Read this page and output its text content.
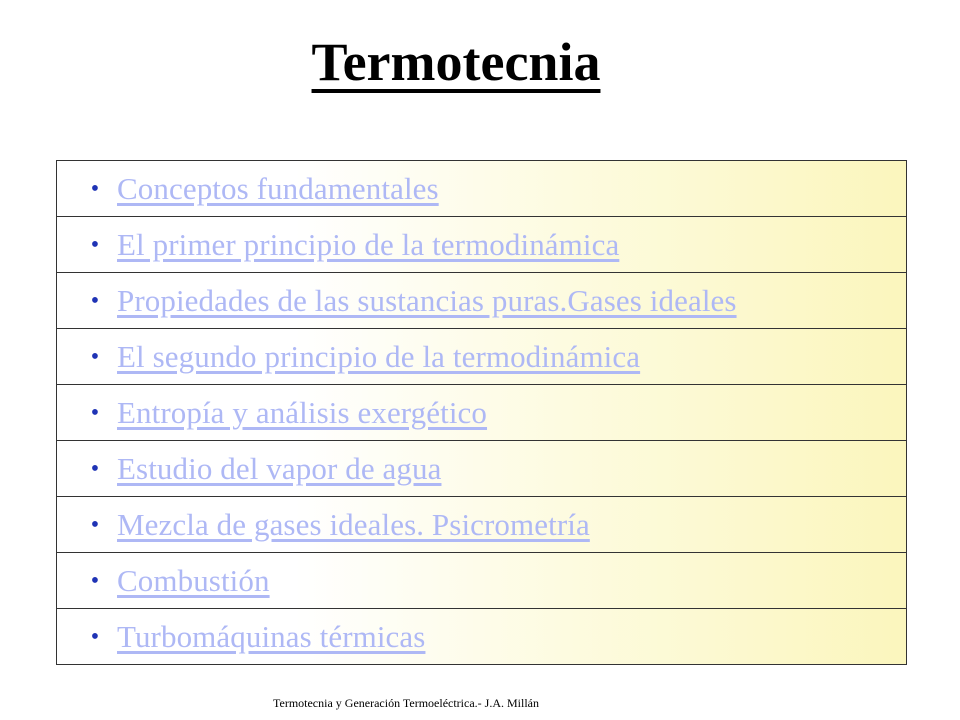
Termotecnia
• Conceptos fundamentales
• El primer principio de la termodinámica
• Propiedades de las sustancias puras.Gases ideales
• El segundo principio de la termodinámica
• Entropía y análisis exergético
• Estudio del vapor de agua
• Mezcla de gases ideales. Psicrometría
• Combustión
• Turbomáquinas térmicas
Termotecnia y Generación Termoeléctrica.- J.A. Millán
